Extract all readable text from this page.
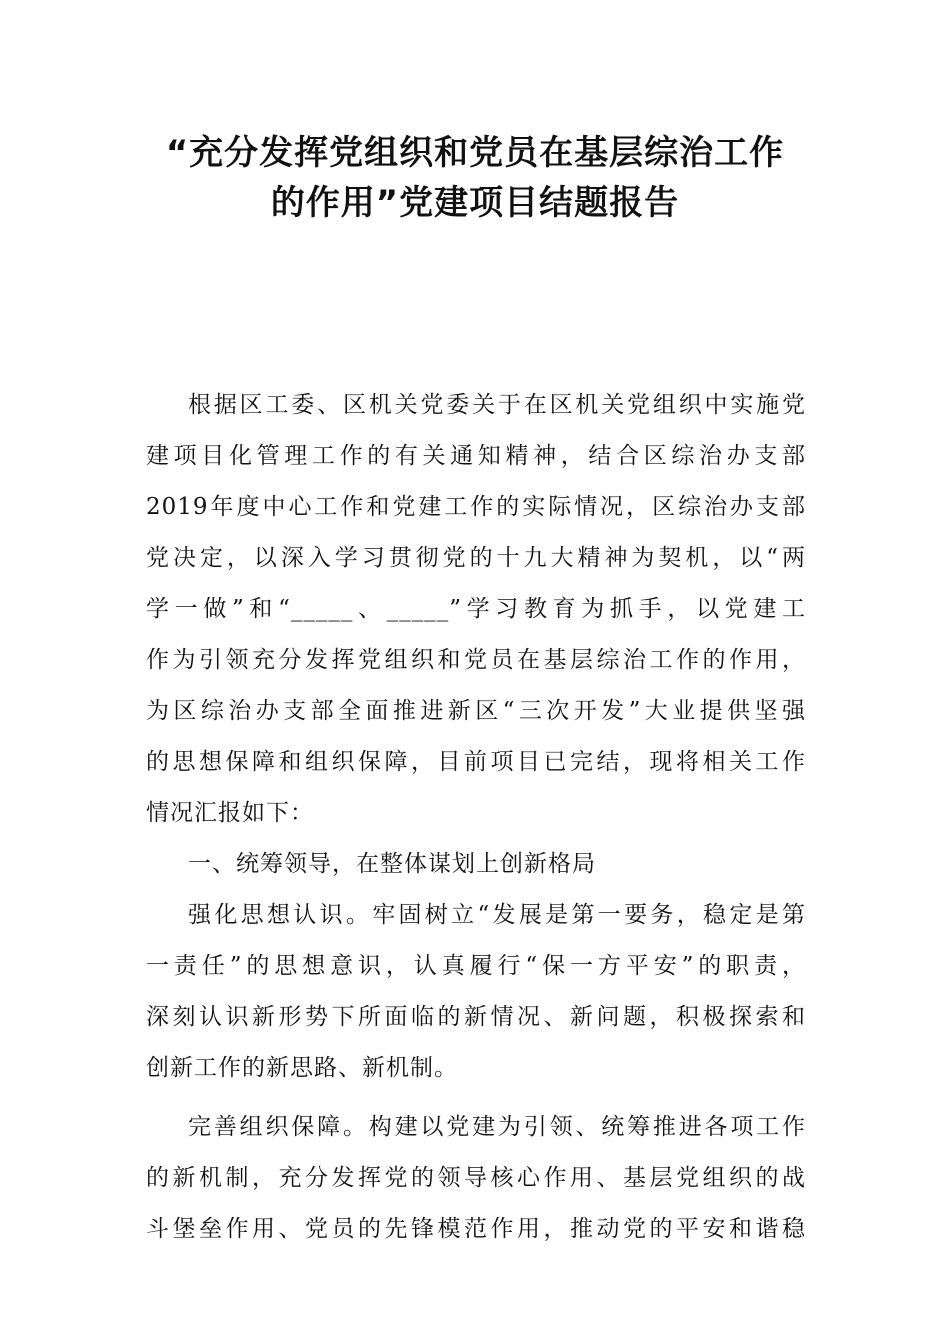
“充分发挥党组织和党员在基层综治工作
的作用”党建项目结题报告
根据区工委、区机关党委关于在区机关党组织中实施党
建项目化管理工作的有关通知精神，结合区综治办支部
2019年度中心工作和党建工作的实际情况，区综治办支部
党决定，以深入学习贯彻党的十九大精神为契机，以“两
学一做”和“_____、_____”学习教育为抓手，以党建工
作为引领充分发挥党组织和党员在基层综治工作的作用，
为区综治办支部全面推进新区“三次开发”大业提供坚强
的思想保障和组织保障，目前项目已完结，现将相关工作
情况汇报如下：
一、统筹领导，在整体谋划上创新格局
强化思想认识。牢固树立“发展是第一要务，稳定是第
一责任”的思想意识，认真履行“保一方平安”的职责，
深刻认识新形势下所面临的新情况、新问题，积极探索和
创新工作的新思路、新机制。
完善组织保障。构建以党建为引领、统筹推进各项工作
的新机制，充分发挥党的领导核心作用、基层党组织的战
斗堡垒作用、党员的先锋模范作用，推动党的平安和谐稳
